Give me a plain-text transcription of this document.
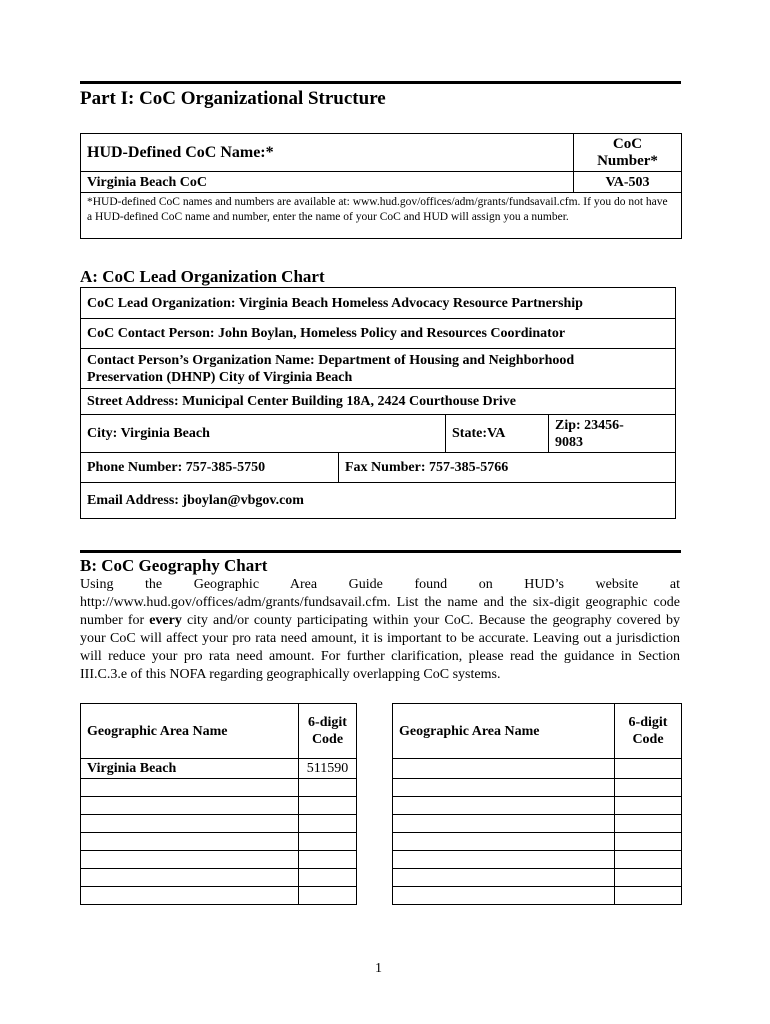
Part I: CoC Organizational Structure
HUD-Defined CoC Name:*	CoC
Number*
Virginia Beach CoC	VA-503
*HUD-defined CoC names and numbers are available at: www.hud.gov/offices/adm/grants/fundsavail.cfm. If you do not have a HUD-defined CoC name and number, enter the name of your CoC and HUD will assign you a number.	
A: CoC Lead Organization Chart
CoC Lead Organization: Virginia Beach Homeless Advocacy Resource Partnership			
CoC Contact Person: John Boylan, Homeless Policy and Resources Coordinator			
Contact Person’s Organization Name: Department of Housing and Neighborhood
Preservation (DHNP) City of Virginia Beach			
Street Address: Municipal Center Building 18A, 2424 Courthouse Drive			
City: Virginia Beach		State:VA	Zip: 23456-
9083
Phone Number: 757-385-5750	Fax Number: 757-385-5766		
Email Address: jboylan@vbgov.com			
B: CoC Geography Chart
Using the Geographic Area Guide found on HUD’s website at
http://www.hud.gov/offices/adm/grants/fundsavail.cfm. List the name and the six-digit geographic code number for every city and/or county participating within your CoC. Because the geography covered by your CoC will affect your pro rata need amount, it is important to be accurate. Leaving out a jurisdiction will reduce your pro rata need amount. For further clarification, please read the guidance in Section III.C.3.e of this NOFA regarding geographically overlapping CoC systems.
Geographic Area Name	6-digit
Code
Virginia Beach	511590

Geographic Area Name	6-digit
Code

1
